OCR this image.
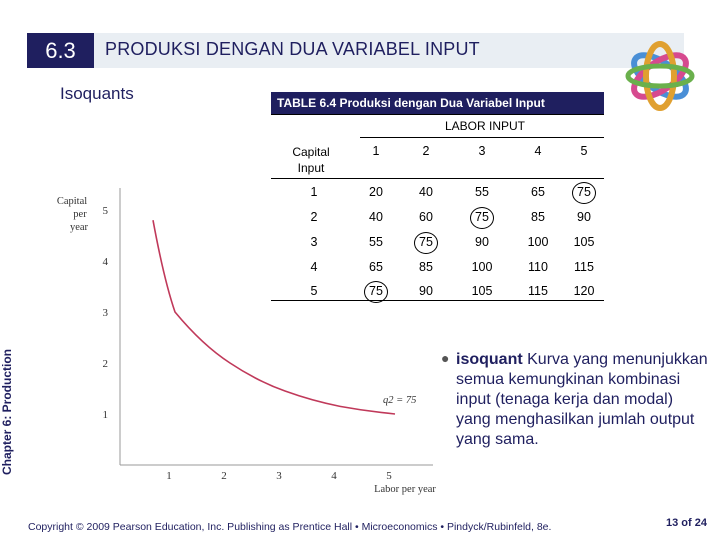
6.3	PRODUKSI DENGAN DUA VARIABEL INPUT
Isoquants
Chapter 6: Production
TABLE 6.4 Produksi dengan Dua Variabel Input
LABOR INPUT
Capital Input
1	2	3	4	5
1	20	40	55	65	75
2	40	60	75	85	90
3	55	75	90	100	105
4	65	85	100	110	115
5	75	90	105	115	120
1
2
3
4
5
1	2	3	4	5
Capital
per
year
Labor per year
q2 = 75
● isoquant Kurva yang menunjukkan semua kemungkinan kombinasi input (tenaga kerja dan modal) yang menghasilkan jumlah output yang sama.
Copyright © 2009 Pearson Education, Inc. Publishing as Prentice Hall • Microeconomics • Pindyck/Rubinfeld, 8e.	13 of 24
